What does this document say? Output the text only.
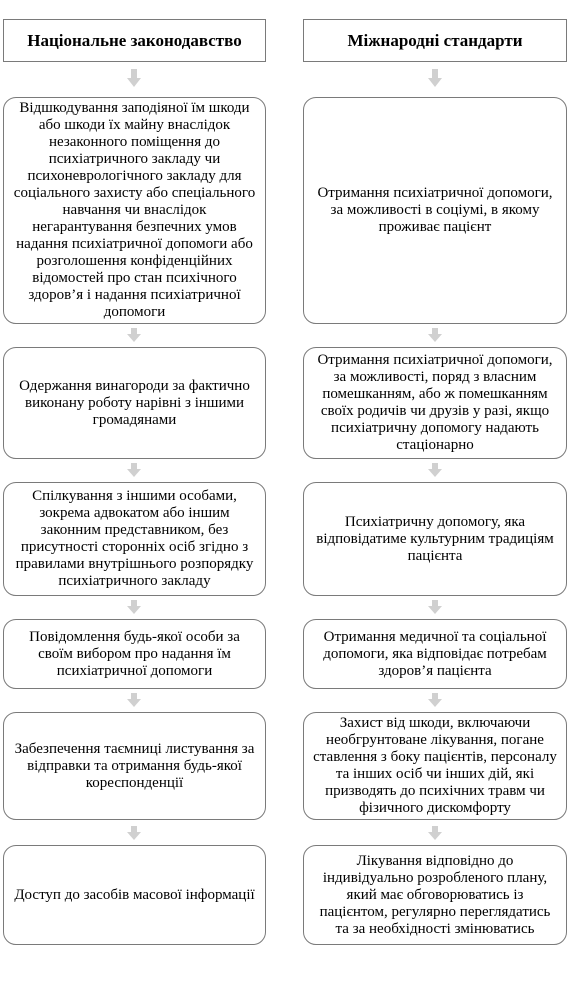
Національне законодавство	Міжнародні стандарти
Відшкодування заподіяної їм шкоди або шкоди їх майну внаслідок незаконного поміщення до психіатричного закладу чи психоневрологічного закладу для соціального захисту або спеціального навчання чи внаслідок негарантування безпечних умов надання психіатричної допомоги або розголошення конфіденційних відомостей про стан психічного здоров’я і надання психіатричної допомоги
Одержання винагороди за фактично виконану роботу нарівні з іншими громадянами
Спілкування з іншими особами, зокрема адвокатом або іншим законним представником, без присутності сторонніх осіб згідно з правилами внутрішнього розпорядку психіатричного закладу
Повідомлення будь-якої особи за своїм вибором про надання їм психіатричної допомоги
Забезпечення таємниці листування за відправки та отримання будь-якої кореспонденції
Доступ до засобів масової інформації
Отримання психіатричної допомоги, за можливості в соціумі, в якому проживає пацієнт
Отримання психіатричної допомоги, за можливості, поряд з власним помешканням, або ж помешканням своїх родичів чи друзів у разі, якщо психіатричну допомогу надають стаціонарно
Психіатричну допомогу, яка відповідатиме культурним традиціям пацієнта
Отримання медичної та соціальної допомоги, яка відповідає потребам здоров’я пацієнта
Захист від шкоди, включаючи необгрунтоване лікування, погане ставлення з боку пацієнтів, персоналу та інших осіб чи інших дій, які призводять до психічних травм чи фізичного дискомфорту
Лікування відповідно до індивідуально розробленого плану, який має обговорюватись із пацієнтом, регулярно переглядатись та за необхідності змінюватись
